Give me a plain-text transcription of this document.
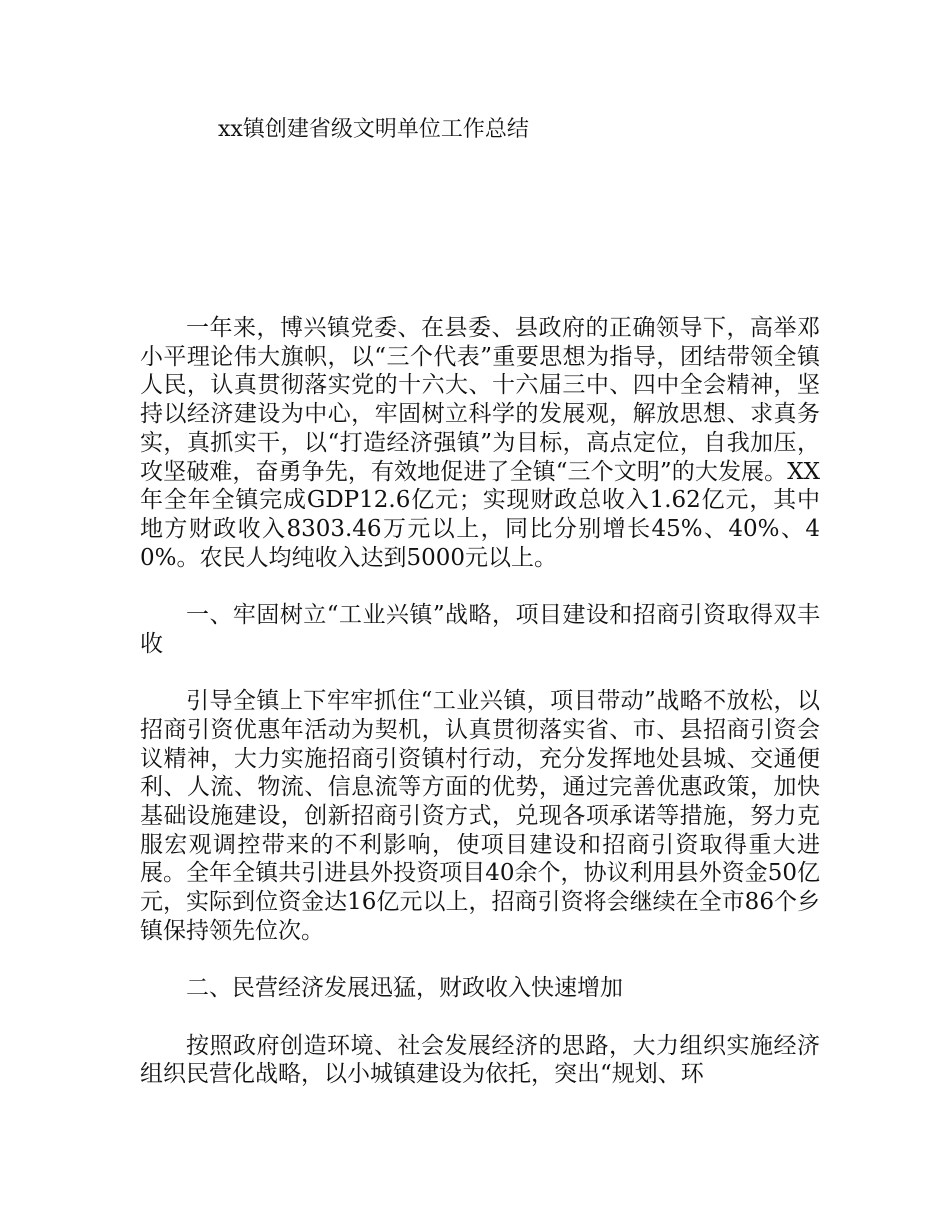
xx镇创建省级文明单位工作总结

一年来，博兴镇党委、在县委、县政府的正确领导下，高举邓小平理论伟大旗帜，以“三个代表”重要思想为指导，团结带领全镇人民，认真贯彻落实党的十六大、十六届三中、四中全会精神，坚持以经济建设为中心，牢固树立科学的发展观，解放思想、求真务实，真抓实干，以“打造经济强镇”为目标，高点定位，自我加压，攻坚破难，奋勇争先，有效地促进了全镇“三个文明”的大发展。XX年全年全镇完成GDP12.6亿元；实现财政总收入1.62亿元，其中地方财政收入8303.46万元以上，同比分别增长45%、40%、40%。农民人均纯收入达到5000元以上。

一、牢固树立“工业兴镇”战略，项目建设和招商引资取得双丰收

引导全镇上下牢牢抓住“工业兴镇，项目带动”战略不放松，以招商引资优惠年活动为契机，认真贯彻落实省、市、县招商引资会议精神，大力实施招商引资镇村行动，充分发挥地处县城、交通便利、人流、物流、信息流等方面的优势，通过完善优惠政策，加快基础设施建设，创新招商引资方式，兑现各项承诺等措施，努力克服宏观调控带来的不利影响，使项目建设和招商引资取得重大进展。全年全镇共引进县外投资项目40余个，协议利用县外资金50亿元，实际到位资金达16亿元以上，招商引资将会继续在全市86个乡镇保持领先位次。

二、民营经济发展迅猛，财政收入快速增加

按照政府创造环境、社会发展经济的思路，大力组织实施经济组织民营化战略，以小城镇建设为依托，突出“规划、环
